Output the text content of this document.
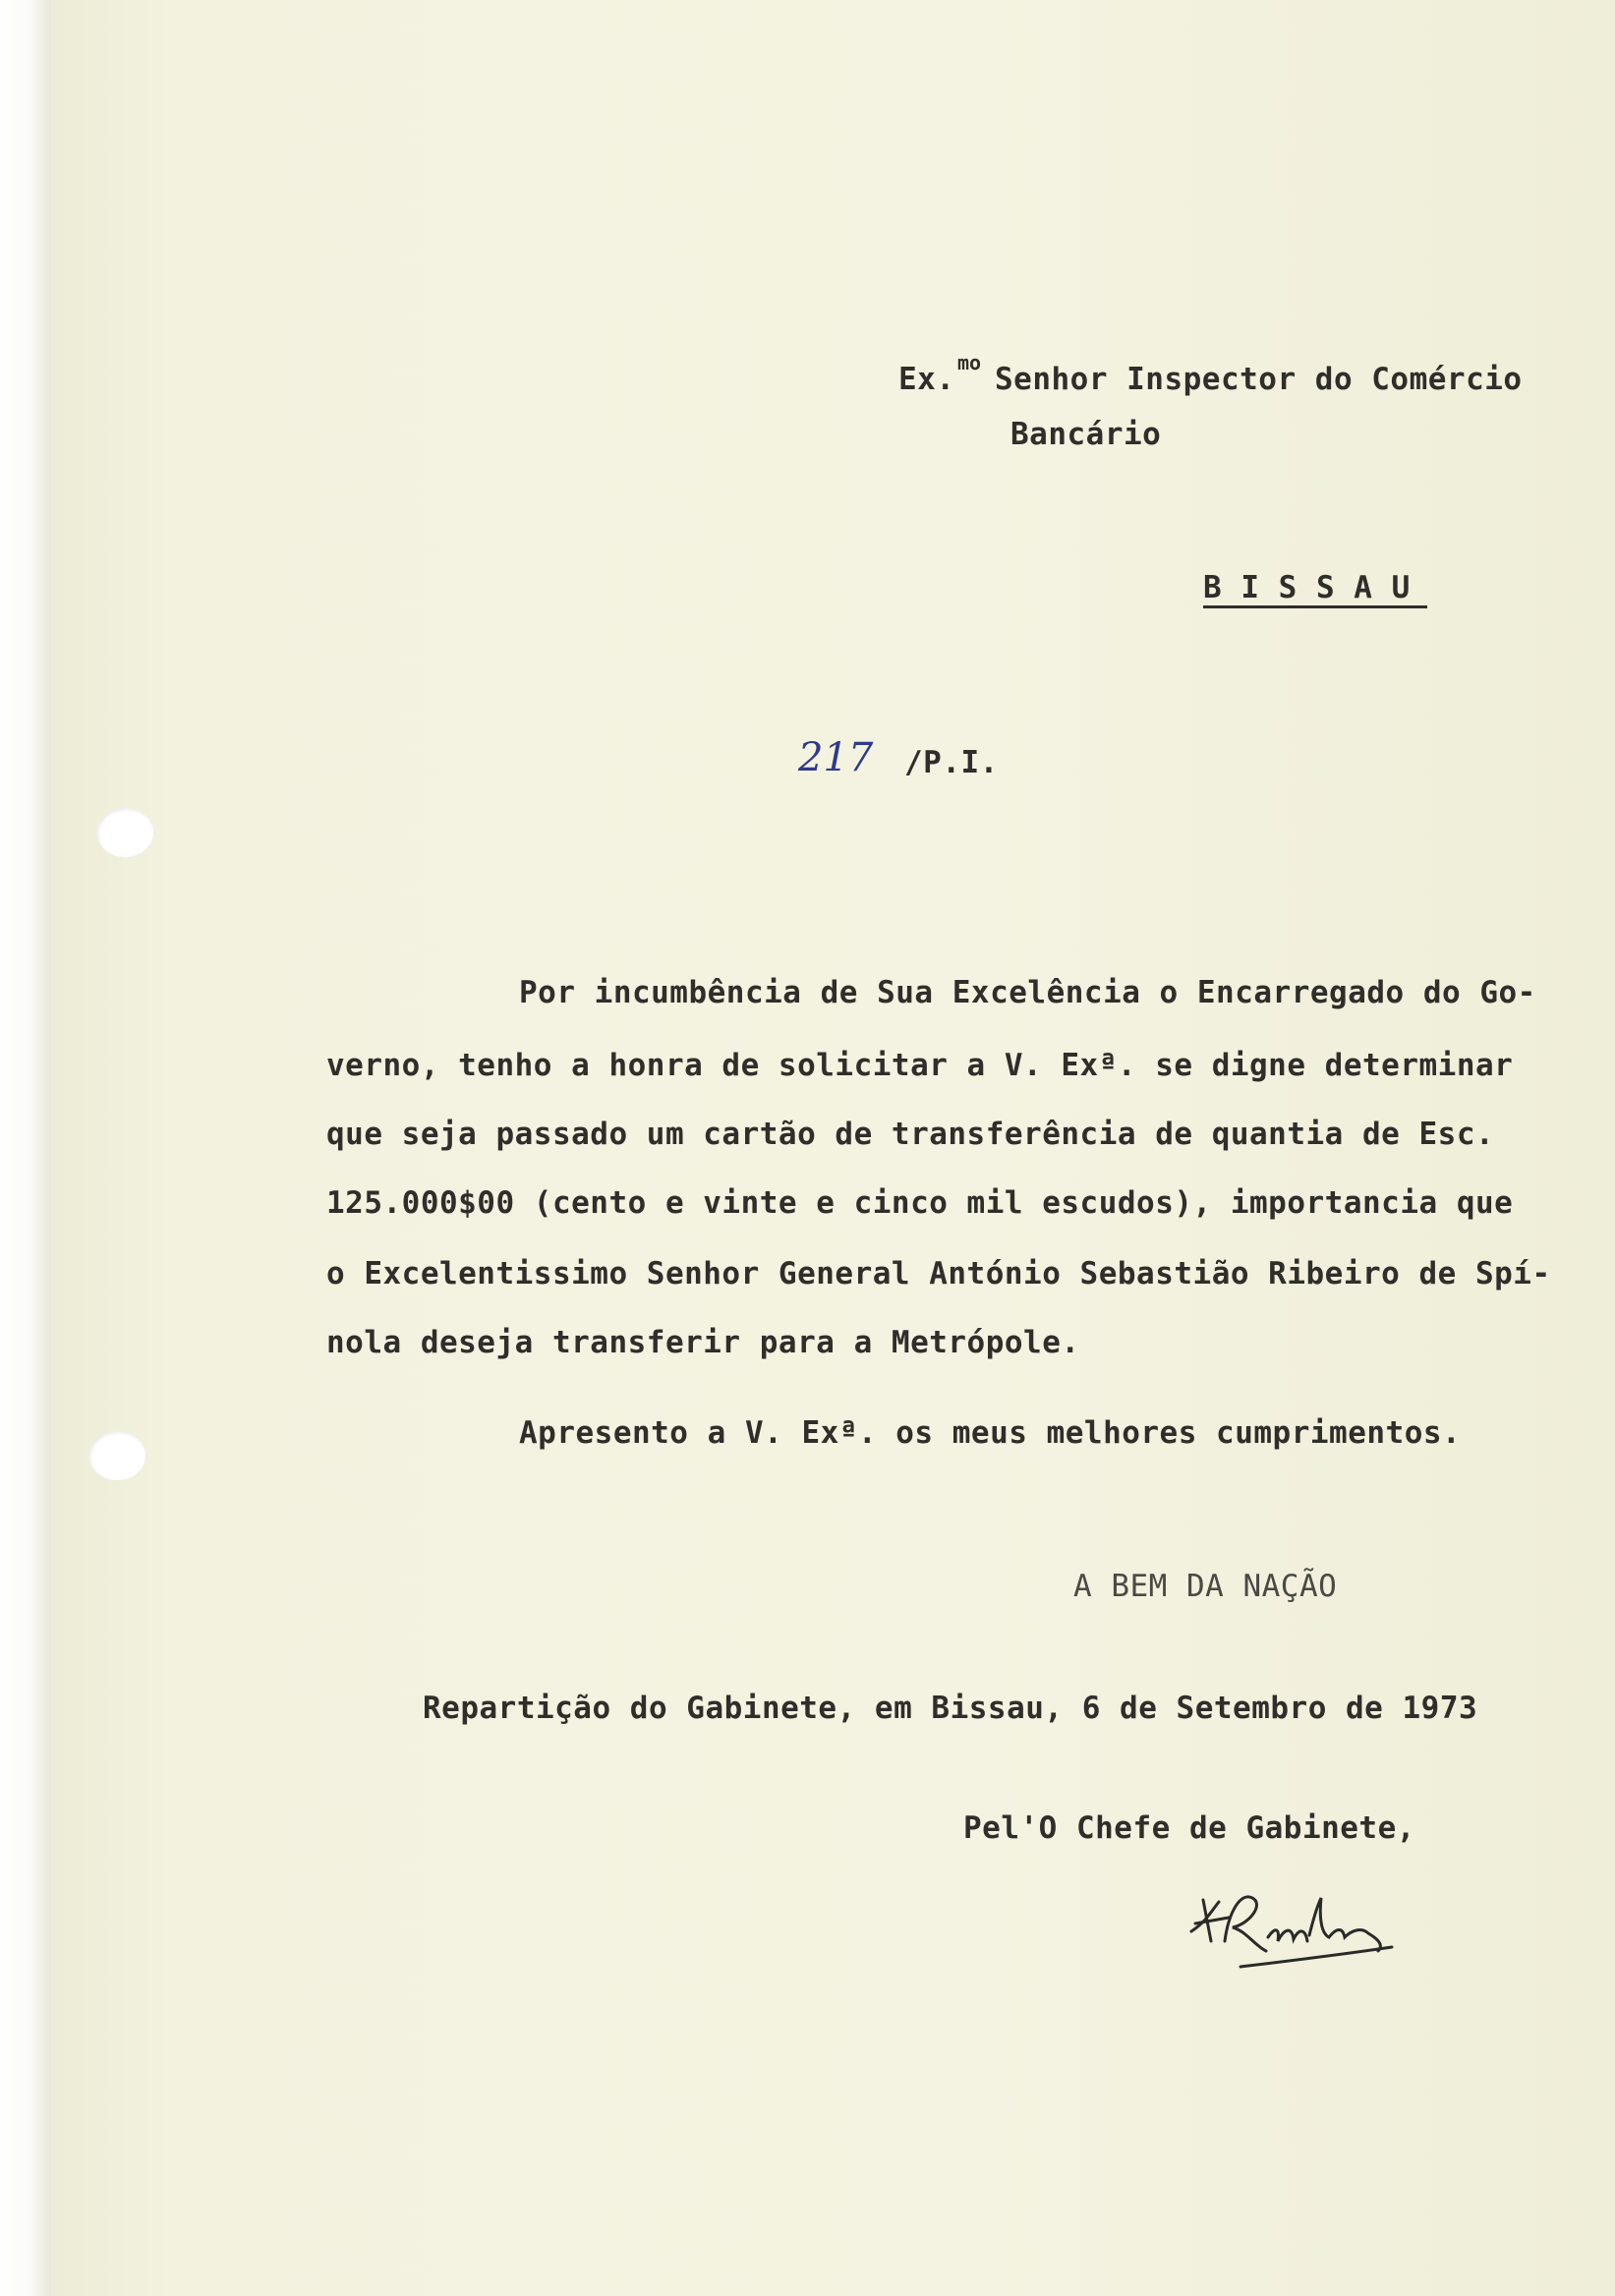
Ex. mo Senhor Inspector do Comércio
Bancário
B I S S A U
217 /P.I.
Por incumbência de Sua Excelência o Encarregado do Go-
verno, tenho a honra de solicitar a V. Exª. se digne determinar
que seja passado um cartão de transferência de quantia de Esc.
125.000$00 (cento e vinte e cinco mil escudos), importancia que
o Excelentissimo Senhor General António Sebastião Ribeiro de Spí-
nola deseja transferir para a Metrópole.
Apresento a V. Exª. os meus melhores cumprimentos.
A BEM DA NAÇÃO
Repartição do Gabinete, em Bissau, 6 de Setembro de 1973
Pel'O Chefe de Gabinete,
